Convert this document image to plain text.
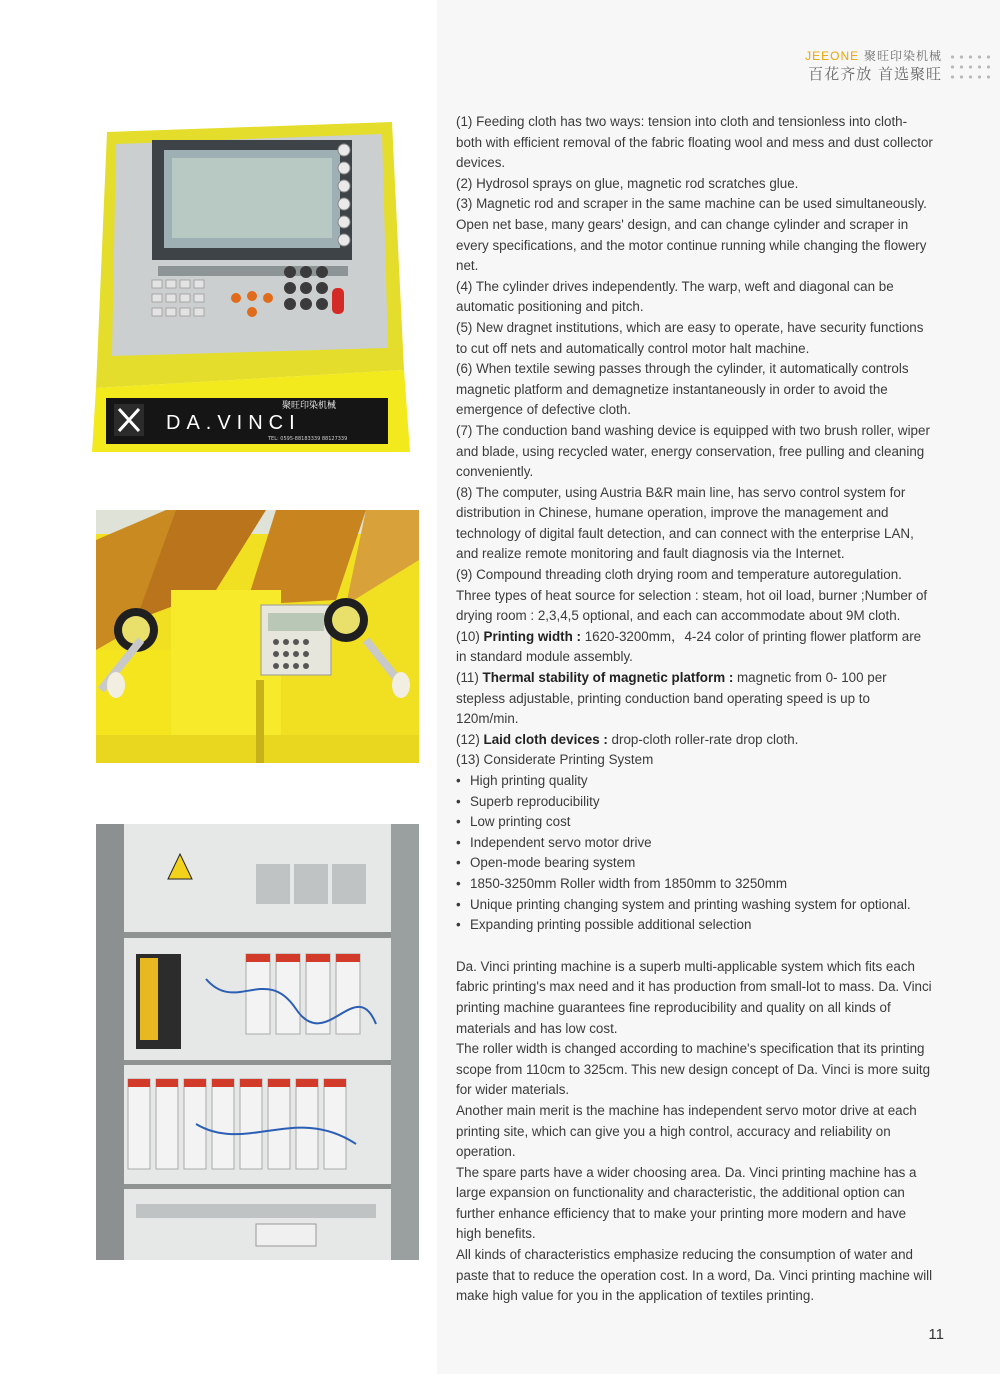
JEEONE 聚旺印染机械
百花齐放 首选聚旺
DA.VINCI
聚旺印染机械
TEL: 0595-88183339 88127339

(1) Feeding cloth has two ways: tension into cloth and tensionless into cloth-both with efficient removal of the fabric floating wool and mess and dust collector devices.

(2) Hydrosol sprays on glue, magnetic rod scratches glue.

(3) Magnetic rod and scraper in the same machine can be used simultaneously. Open net base, many gears' design, and can change cylinder and scraper in every specifications, and the motor continue running while changing the flowery net.

(4) The cylinder drives independently. The warp, weft and diagonal can be automatic positioning and pitch.

(5) New dragnet institutions, which are easy to operate, have security functions to cut off nets and automatically control motor halt machine.

(6) When textile sewing passes through the cylinder, it automatically controls magnetic platform and demagnetize instantaneously in order to avoid the emergence of defective cloth.

(7) The conduction band washing device is equipped with two brush roller, wiper and blade, using recycled water, energy conservation, free pulling and cleaning conveniently.

(8) The computer, using Austria B&R main line, has servo control system for distribution in Chinese, humane operation, improve the management and technology of digital fault detection, and can connect with the enterprise LAN, and realize remote monitoring and fault diagnosis via the Internet.

(9) Compound threading cloth drying room and temperature autoregulation. Three types of heat source for selection : steam, hot oil load, burner ;Number of drying room : 2,3,4,5 optional, and each can accommodate about 9M cloth.

(10) Printing width : 1620-3200mm，4-24 color of printing flower platform are in standard module assembly.

(11) Thermal stability of magnetic platform : magnetic from 0- 100 per stepless adjustable, printing conduction band operating speed is up to 120m/min.

(12) Laid cloth devices : drop-cloth roller-rate drop cloth.

(13) Considerate Printing System

• High printing quality
• Superb reproducibility
• Low printing cost
• Independent servo motor drive
• Open-mode bearing system
• 1850-3250mm Roller width from 1850mm to 3250mm
• Unique printing changing system and printing washing system for optional.
• Expanding printing possible additional selection

Da. Vinci printing machine is a superb multi-applicable system which fits each fabric printing's max need and it has production from small-lot to mass. Da. Vinci printing machine guarantees fine reproducibility and quality on all kinds of materials and has low cost.

The roller width is changed according to machine's specification that its printing scope from 110cm to 325cm. This new design concept of Da. Vinci is more suitg for wider materials.

Another main merit is the machine has independent servo motor drive at each printing site, which can give you a high control, accuracy and reliability on operation.

The spare parts have a wider choosing area. Da. Vinci printing machine has a large expansion on functionality and characteristic, the additional option can further enhance efficiency that to make your printing more modern and have high benefits.

All kinds of characteristics emphasize reducing the consumption of water and paste that to reduce the operation cost. In a word, Da. Vinci printing machine will make high value for you in the application of textiles printing.

11
